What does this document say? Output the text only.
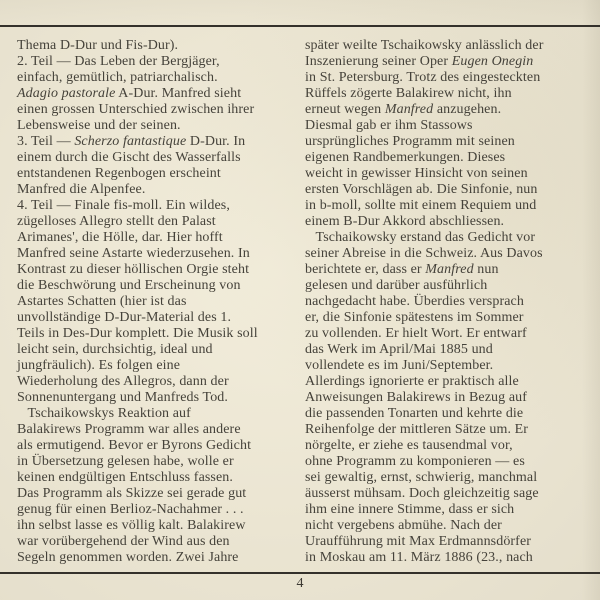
Thema D-Dur und Fis-Dur).
2. Teil — Das Leben der Bergjäger,
einfach, gemütlich, patriarchalisch.
Adagio pastorale A-Dur. Manfred sieht
einen grossen Unterschied zwischen ihrer
Lebensweise und der seinen.
3. Teil — Scherzo fantastique D-Dur. In
einem durch die Gischt des Wasserfalls
entstandenen Regenbogen erscheint
Manfred die Alpenfee.
4. Teil — Finale fis-moll. Ein wildes,
zügelloses Allegro stellt den Palast
Arimanes', die Hölle, dar. Hier hofft
Manfred seine Astarte wiederzusehen. In
Kontrast zu dieser höllischen Orgie steht
die Beschwörung und Erscheinung von
Astartes Schatten (hier ist das
unvollständige D-Dur-Material des 1.
Teils in Des-Dur komplett. Die Musik soll
leicht sein, durchsichtig, ideal und
jungfräulich). Es folgen eine
Wiederholung des Allegros, dann der
Sonnenuntergang und Manfreds Tod.
Tschaikowskys Reaktion auf
Balakirews Programm war alles andere
als ermutigend. Bevor er Byrons Gedicht
in Übersetzung gelesen habe, wolle er
keinen endgültigen Entschluss fassen.
Das Programm als Skizze sei gerade gut
genug für einen Berlioz-Nachahmer . . .
ihn selbst lasse es völlig kalt. Balakirew
war vorübergehend der Wind aus den
Segeln genommen worden. Zwei Jahre
später weilte Tschaikowsky anlässlich der
Inszenierung seiner Oper Eugen Onegin
in St. Petersburg. Trotz des eingesteckten
Rüffels zögerte Balakirew nicht, ihn
erneut wegen Manfred anzugehen.
Diesmal gab er ihm Stassows
ursprüngliches Programm mit seinen
eigenen Randbemerkungen. Dieses
weicht in gewisser Hinsicht von seinen
ersten Vorschlägen ab. Die Sinfonie, nun
in b-moll, sollte mit einem Requiem und
einem B-Dur Akkord abschliessen.
Tschaikowsky erstand das Gedicht vor
seiner Abreise in die Schweiz. Aus Davos
berichtete er, dass er Manfred nun
gelesen und darüber ausführlich
nachgedacht habe. Überdies versprach
er, die Sinfonie spätestens im Sommer
zu vollenden. Er hielt Wort. Er entwarf
das Werk im April/Mai 1885 und
vollendete es im Juni/September.
Allerdings ignorierte er praktisch alle
Anweisungen Balakirews in Bezug auf
die passenden Tonarten und kehrte die
Reihenfolge der mittleren Sätze um. Er
nörgelte, er ziehe es tausendmal vor,
ohne Programm zu komponieren — es
sei gewaltig, ernst, schwierig, manchmal
äusserst mühsam. Doch gleichzeitig sage
ihm eine innere Stimme, dass er sich
nicht vergebens abmühe. Nach der
Uraufführung mit Max Erdmannsdörfer
in Moskau am 11. März 1886 (23., nach
4
